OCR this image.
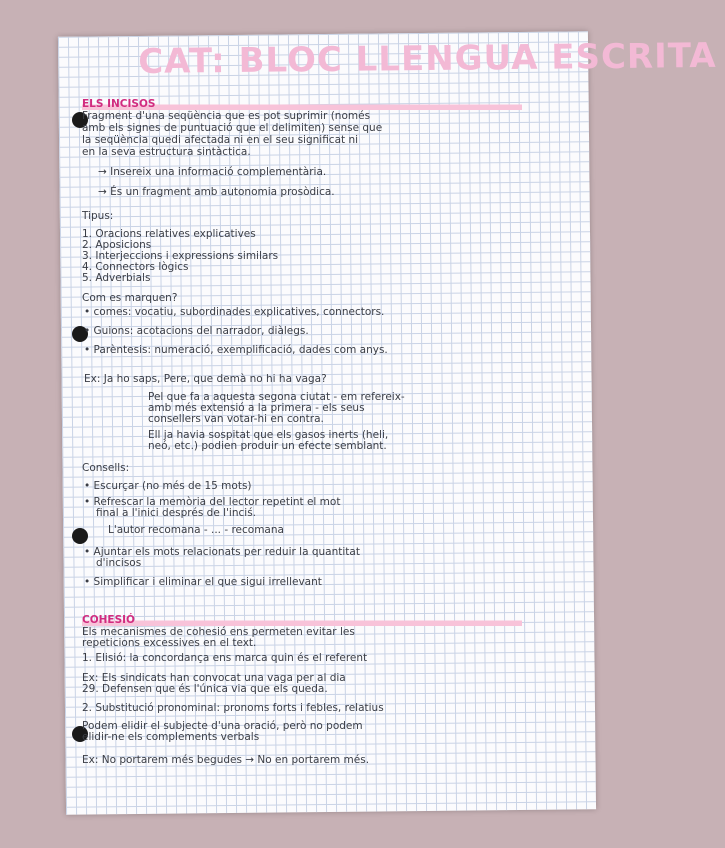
CAT: BLOC LLENGUA ESCRITA
ELS INCISOS
Fragment d'una seqüència que es pot suprimir (només
amb els signes de puntuació que el delimiten) sense que
la seqüència quedi afectada ni en el seu significat ni
en la seva estructura sintàctica.
→ Insereix una informació complementària.
→ És un fragment amb autonomia prosòdica.
Tipus:
1. Oracions relatives explicatives
2. Aposicions
3. Interjeccions i expressions similars
4. Connectors lògics
5. Adverbials
Com es marquen?
• comes: vocatiu, subordinades explicatives, connectors.
• Guions: acotacions del narrador, diàlegs.
• Parèntesis: numeració, exemplificació, dades com anys.
Ex: Ja ho saps, Pere, que demà no hi ha vaga?
Pel que fa a aquesta segona ciutat - em refereix-
amb més extensió a la primera - els seus
consellers van votar-hi en contra.
Ell ja havia sospitat que els gasos inerts (heli,
neó, etc.) podien produir un efecte semblant.
Consells:
• Escurçar (no més de 15 mots)
• Refrescar la memòria del lector repetint el mot
final a l'inici després de l'inciś.
L'autor recomana - ... - recomana
• Ajuntar els mots relacionats per reduir la quantitat
d'incisos
• Simplificar i eliminar el que sigui irrellevant
COHESIÓ
Els mecanismes de cohesió ens permeten evitar les
repeticions excessives en el text.
1. Elisió: la concordança ens marca quin és el referent
Ex: Els sindicats han convocat una vaga per al dia
29. Defensen que és l'única via que els queda.
2. Substitució pronominal: pronoms forts i febles, relatius
Podem elidir el subjecte d'una oració, però no podem
elidir-ne els complements verbals
Ex: No portarem més begudes → No en portarem més.
